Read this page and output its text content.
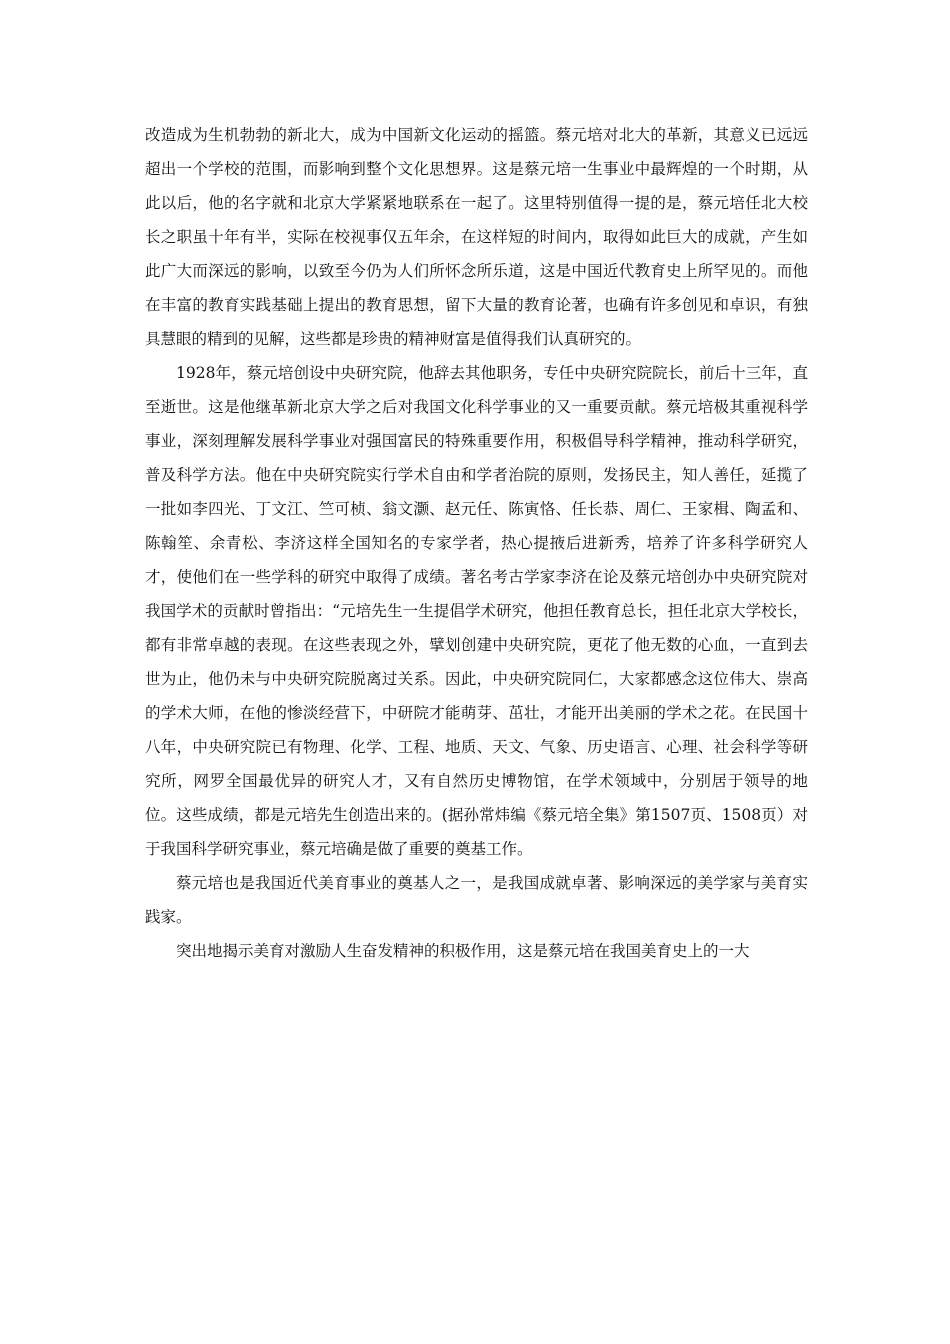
改造成为生机勃勃的新北大，成为中国新文化运动的摇篮。蔡元培对北大的革新，其意义已远远超出一个学校的范围，而影响到整个文化思想界。这是蔡元培一生事业中最辉煌的一个时期，从此以后，他的名字就和北京大学紧紧地联系在一起了。这里特别值得一提的是，蔡元培任北大校长之职虽十年有半，实际在校视事仅五年余，在这样短的时间内，取得如此巨大的成就，产生如此广大而深远的影响，以致至今仍为人们所怀念所乐道，这是中国近代教育史上所罕见的。而他在丰富的教育实践基础上提出的教育思想，留下大量的教育论著，也确有许多创见和卓识，有独具慧眼的精到的见解，这些都是珍贵的精神财富是值得我们认真研究的。

1928年，蔡元培创设中央研究院，他辞去其他职务，专任中央研究院院长，前后十三年，直至逝世。这是他继革新北京大学之后对我国文化科学事业的又一重要贡献。蔡元培极其重视科学事业，深刻理解发展科学事业对强国富民的特殊重要作用，积极倡导科学精神，推动科学研究，普及科学方法。他在中央研究院实行学术自由和学者治院的原则，发扬民主，知人善任，延揽了一批如李四光、丁文江、竺可桢、翁文灏、赵元任、陈寅恪、任长恭、周仁、王家楫、陶孟和、陈翰笙、余青松、李济这样全国知名的专家学者，热心提掖后进新秀，培养了许多科学研究人才，使他们在一些学科的研究中取得了成绩。著名考古学家李济在论及蔡元培创办中央研究院对我国学术的贡献时曾指出：“元培先生一生提倡学术研究，他担任教育总长，担任北京大学校长，都有非常卓越的表现。在这些表现之外，擘划创建中央研究院，更花了他无数的心血，一直到去世为止，他仍未与中央研究院脱离过关系。因此，中央研究院同仁，大家都感念这位伟大、崇高的学术大师，在他的惨淡经营下，中研院才能萌芽、茁壮，才能开出美丽的学术之花。在民国十八年，中央研究院已有物理、化学、工程、地质、天文、气象、历史语言、心理、社会科学等研究所，网罗全国最优异的研究人才，又有自然历史博物馆，在学术领域中，分别居于领导的地位。这些成绩，都是元培先生创造出来的。(据孙常炜编《蔡元培全集》第1507页、1508页）对于我国科学研究事业，蔡元培确是做了重要的奠基工作。

蔡元培也是我国近代美育事业的奠基人之一，是我国成就卓著、影响深远的美学家与美育实践家。

突出地揭示美育对激励人生奋发精神的积极作用，这是蔡元培在我国美育史上的一大
